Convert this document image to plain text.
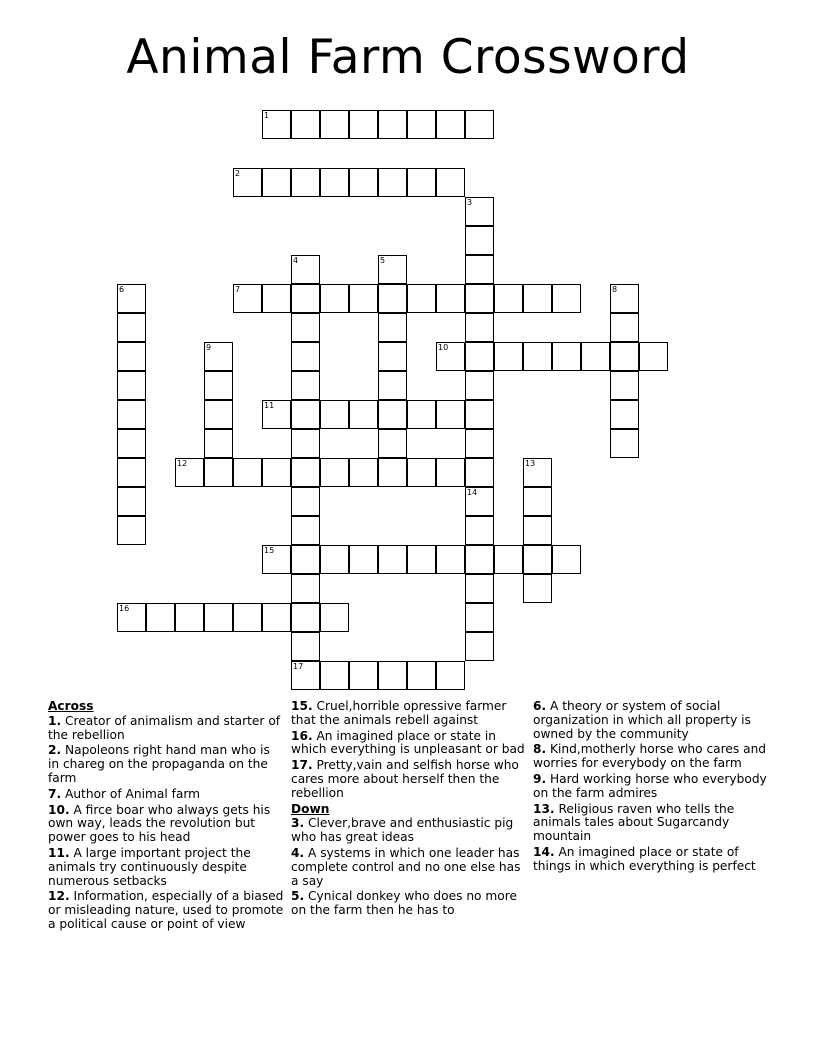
Animal Farm Crossword
1
2
3
14
4
17
5
6	7	8
9	10
11
12	13
15
16
Across
1. Creator of animalism and starter of the rebellion
2. Napoleons right hand man who is in chareg on the propaganda on the farm
7. Author of Animal farm
10. A firce boar who always gets his own way, leads the revolution but power goes to his head
11. A large important project the animals try continuously despite numerous setbacks
12. Information, especially of a biased or misleading nature, used to promote a political cause or point of view
15. Cruel,horrible opressive farmer that the animals rebell against
16. An imagined place or state in which everything is unpleasant or bad
17. Pretty,vain and selfish horse who cares more about herself then the rebellion
Down
3. Clever,brave and enthusiastic pig who has great ideas
4. A systems in which one leader has complete control and no one else has a say
5. Cynical donkey who does no more on the farm then he has to
6. A theory or system of social organization in which all property is owned by the community
8. Kind,motherly horse who cares and worries for everybody on the farm
9. Hard working horse who everybody on the farm admires
13. Religious raven who tells the animals tales about Sugarcandy mountain
14. An imagined place or state of things in which everything is perfect
